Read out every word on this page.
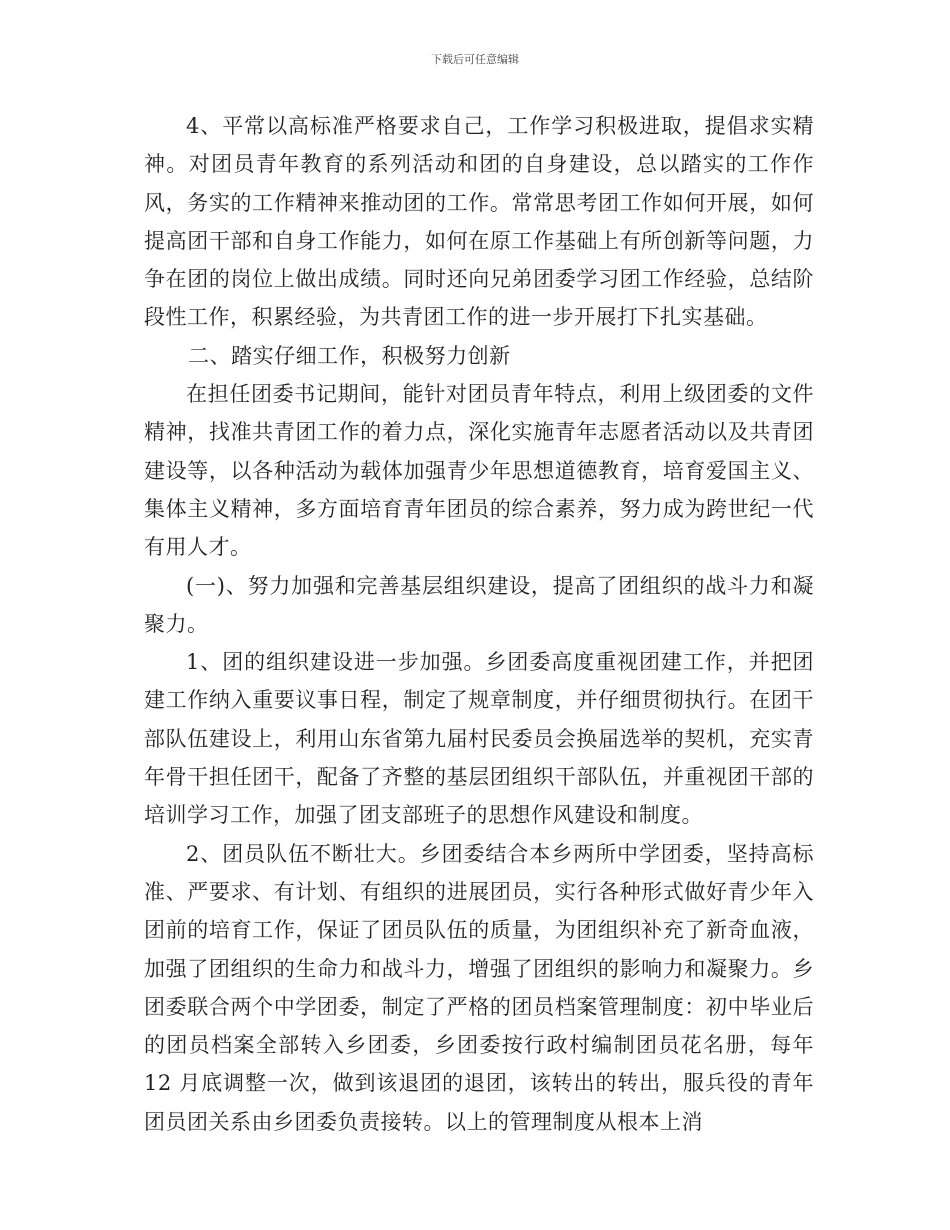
下载后可任意编辑

4、平常以高标准严格要求自己，工作学习积极进取，提倡求实精神。对团员青年教育的系列活动和团的自身建设，总以踏实的工作作风，务实的工作精神来推动团的工作。常常思考团工作如何开展，如何提高团干部和自身工作能力，如何在原工作基础上有所创新等问题，力争在团的岗位上做出成绩。同时还向兄弟团委学习团工作经验，总结阶段性工作，积累经验，为共青团工作的进一步开展打下扎实基础。

二、踏实仔细工作，积极努力创新

在担任团委书记期间，能针对团员青年特点，利用上级团委的文件精神，找准共青团工作的着力点，深化实施青年志愿者活动以及共青团建设等，以各种活动为载体加强青少年思想道德教育，培育爱国主义、集体主义精神，多方面培育青年团员的综合素养，努力成为跨世纪一代有用人才。

(一)、努力加强和完善基层组织建设，提高了团组织的战斗力和凝聚力。

1、团的组织建设进一步加强。乡团委高度重视团建工作，并把团建工作纳入重要议事日程，制定了规章制度，并仔细贯彻执行。在团干部队伍建设上，利用山东省第九届村民委员会换届选举的契机，充实青年骨干担任团干，配备了齐整的基层团组织干部队伍，并重视团干部的培训学习工作，加强了团支部班子的思想作风建设和制度。

2、团员队伍不断壮大。乡团委结合本乡两所中学团委，坚持高标准、严要求、有计划、有组织的进展团员，实行各种形式做好青少年入团前的培育工作，保证了团员队伍的质量，为团组织补充了新奇血液，加强了团组织的生命力和战斗力，增强了团组织的影响力和凝聚力。乡团委联合两个中学团委，制定了严格的团员档案管理制度：初中毕业后的团员档案全部转入乡团委，乡团委按行政村编制团员花名册，每年 12 月底调整一次，做到该退团的退团，该转出的转出，服兵役的青年团员团关系由乡团委负责接转。以上的管理制度从根本上消
